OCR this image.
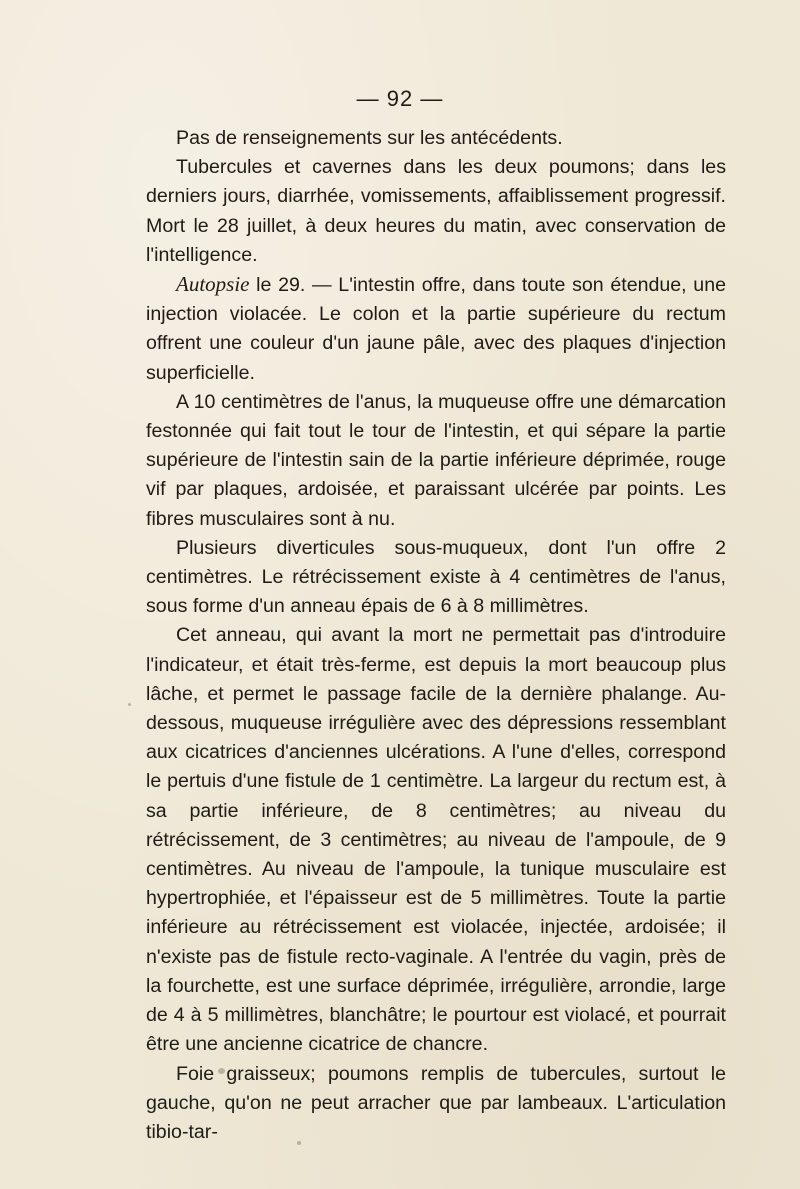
— 92 —

Pas de renseignements sur les antécédents.

Tubercules et cavernes dans les deux poumons; dans les derniers jours, diarrhée, vomissements, affaiblissement progressif. Mort le 28 juillet, à deux heures du matin, avec conservation de l'intelligence.

Autopsie le 29. — L'intestin offre, dans toute son étendue, une injection violacée. Le colon et la partie supérieure du rectum offrent une couleur d'un jaune pâle, avec des plaques d'injection superficielle.

A 10 centimètres de l'anus, la muqueuse offre une démarcation festonnée qui fait tout le tour de l'intestin, et qui sépare la partie supérieure de l'intestin sain de la partie inférieure déprimée, rouge vif par plaques, ardoisée, et paraissant ulcérée par points. Les fibres musculaires sont à nu.

Plusieurs diverticules sous-muqueux, dont l'un offre 2 centimètres. Le rétrécissement existe à 4 centimètres de l'anus, sous forme d'un anneau épais de 6 à 8 millimètres.

Cet anneau, qui avant la mort ne permettait pas d'introduire l'indicateur, et était très-ferme, est depuis la mort beaucoup plus lâche, et permet le passage facile de la dernière phalange. Au-dessous, muqueuse irrégulière avec des dépressions ressemblant aux cicatrices d'anciennes ulcérations. A l'une d'elles, correspond le pertuis d'une fistule de 1 centimètre. La largeur du rectum est, à sa partie inférieure, de 8 centimètres; au niveau du rétrécissement, de 3 centimètres; au niveau de l'ampoule, de 9 centimètres. Au niveau de l'ampoule, la tunique musculaire est hypertrophiée, et l'épaisseur est de 5 millimètres. Toute la partie inférieure au rétrécissement est violacée, injectée, ardoisée; il n'existe pas de fistule recto-vaginale. A l'entrée du vagin, près de la fourchette, est une surface déprimée, irrégulière, arrondie, large de 4 à 5 millimètres, blanchâtre; le pourtour est violacé, et pourrait être une ancienne cicatrice de chancre.

Foie graisseux; poumons remplis de tubercules, surtout le gauche, qu'on ne peut arracher que par lambeaux. L'articulation tibio-tar-
